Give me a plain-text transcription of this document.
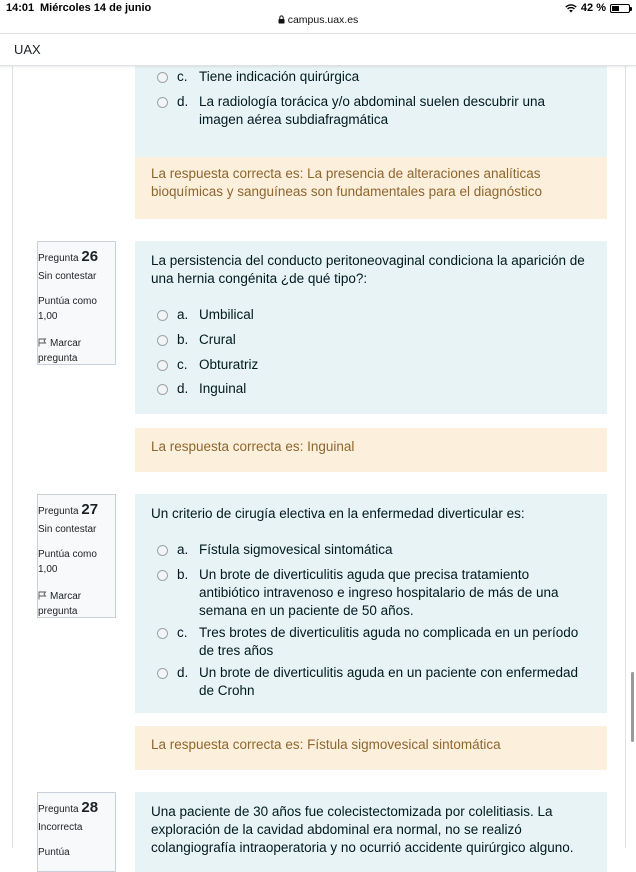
14:01 Miércoles 14 de junio	42 %
campus.uax.es
UAX
c. Tiene indicación quirúrgica
d. La radiología torácica y/o abdominal suelen descubrir una imagen aérea subdiafragmática
La respuesta correcta es: La presencia de alteraciones analíticas bioquímicas y sanguíneas son fundamentales para el diagnóstico
Pregunta 26
Sin contestar
Puntúa como 1,00
Marcar pregunta
La persistencia del conducto peritoneovaginal condiciona la aparición de una hernia congénita ¿de qué tipo?:
a. Umbilical
b. Crural
c. Obturatriz
d. Inguinal
La respuesta correcta es: Inguinal
Pregunta 27
Sin contestar
Puntúa como 1,00
Marcar pregunta
Un criterio de cirugía electiva en la enfermedad diverticular es:
a. Fístula sigmovesical sintomática
b. Un brote de diverticulitis aguda que precisa tratamiento antibiótico intravenoso e ingreso hospitalario de más de una semana en un paciente de 50 años.
c. Tres brotes de diverticulitis aguda no complicada en un período de tres años
d. Un brote de diverticulitis aguda en un paciente con enfermedad de Crohn
La respuesta correcta es: Fístula sigmovesical sintomática
Pregunta 28
Incorrecta
Puntúa
Una paciente de 30 años fue colecistectomizada por colelitiasis. La exploración de la cavidad abdominal era normal, no se realizó colangiografía intraoperatoria y no ocurrió accidente quirúrgico alguno.
